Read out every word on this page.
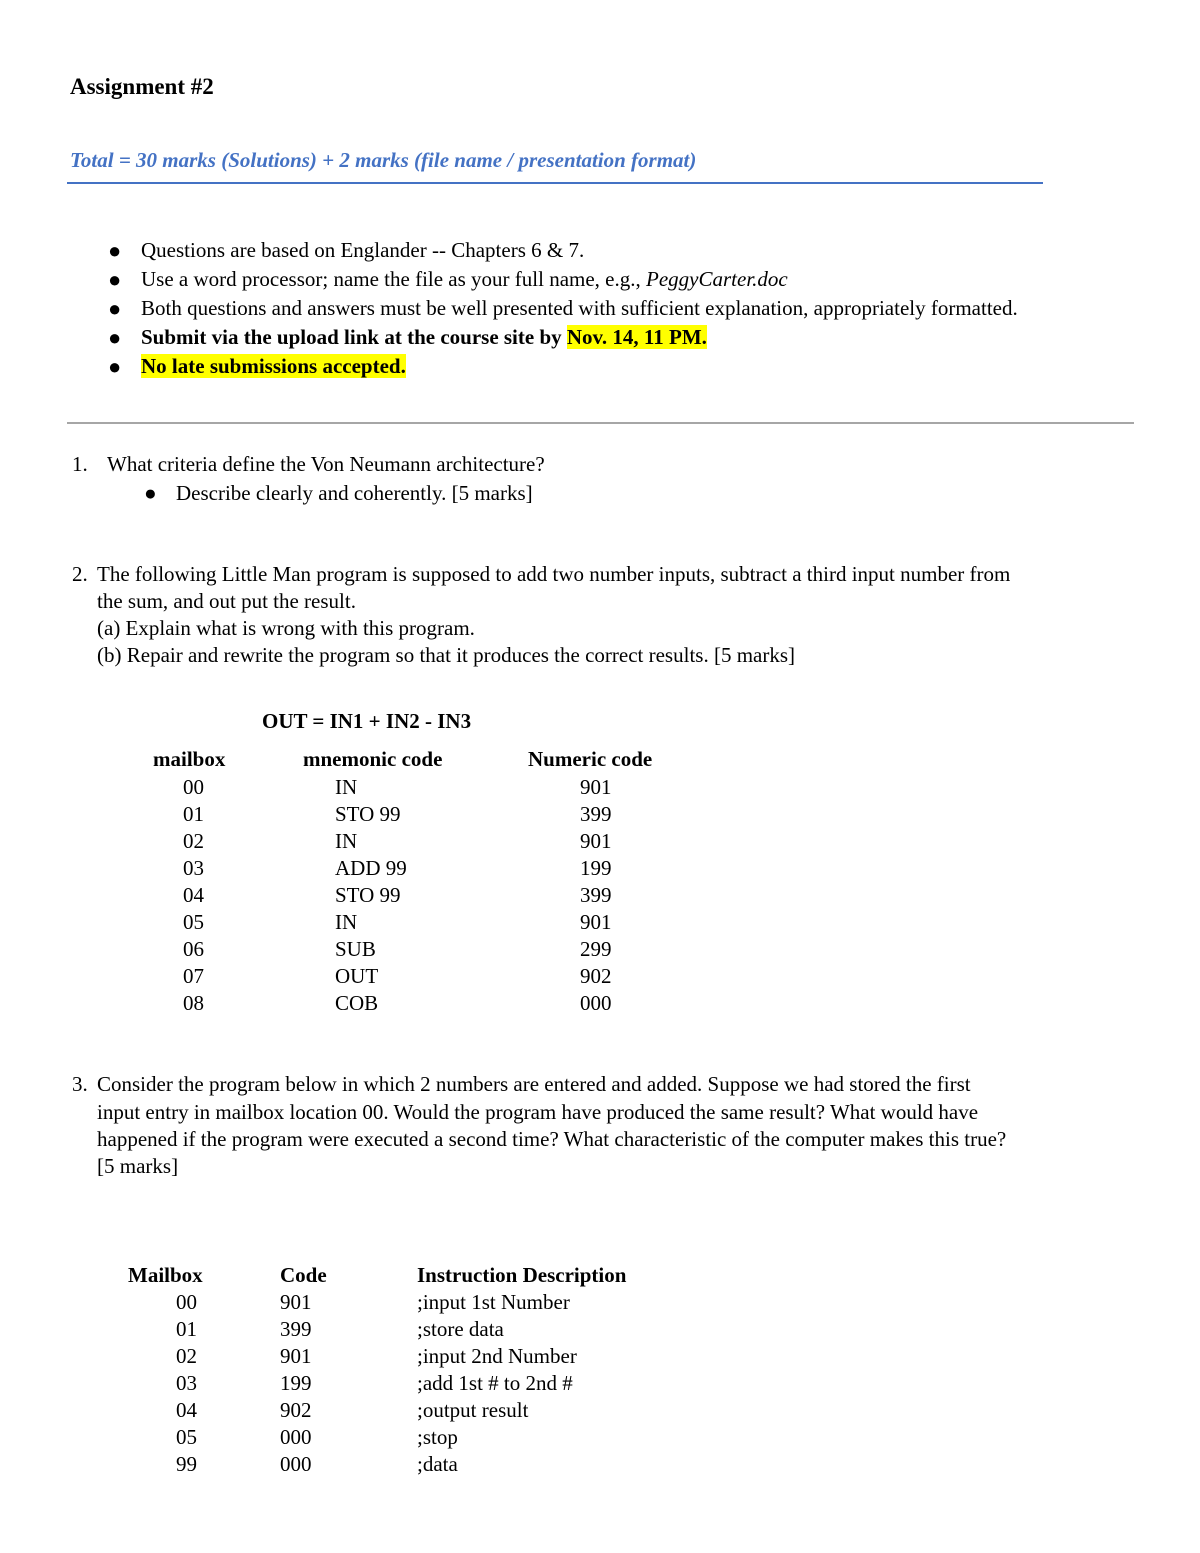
Assignment #2
Total = 30 marks (Solutions) + 2 marks (file name / presentation format)
● Questions are based on Englander -- Chapters 6 & 7.
● Use a word processor; name the file as your full name, e.g., PeggyCarter.doc
● Both questions and answers must be well presented with sufficient explanation, appropriately formatted.
● Submit via the upload link at the course site by Nov. 14, 11 PM.
● No late submissions accepted.
1. What criteria define the Von Neumann architecture?
● Describe clearly and coherently. [5 marks]
2. The following Little Man program is supposed to add two number inputs, subtract a third input number from
the sum, and out put the result.
(a) Explain what is wrong with this program.
(b) Repair and rewrite the program so that it produces the correct results. [5 marks]
OUT = IN1 + IN2 - IN3
mailbox	mnemonic code	Numeric code
00	IN	901
01	STO 99	399
02	IN	901
03	ADD 99	199
04	STO 99	399
05	IN	901
06	SUB	299
07	OUT	902
08	COB	000
3. Consider the program below in which 2 numbers are entered and added. Suppose we had stored the first
input entry in mailbox location 00. Would the program have produced the same result? What would have
happened if the program were executed a second time? What characteristic of the computer makes this true?
[5 marks]
Mailbox	Code	Instruction Description
00	901	;input 1st Number
01	399	;store data
02	901	;input 2nd Number
03	199	;add 1st # to 2nd #
04	902	;output result
05	000	;stop
99	000	;data
